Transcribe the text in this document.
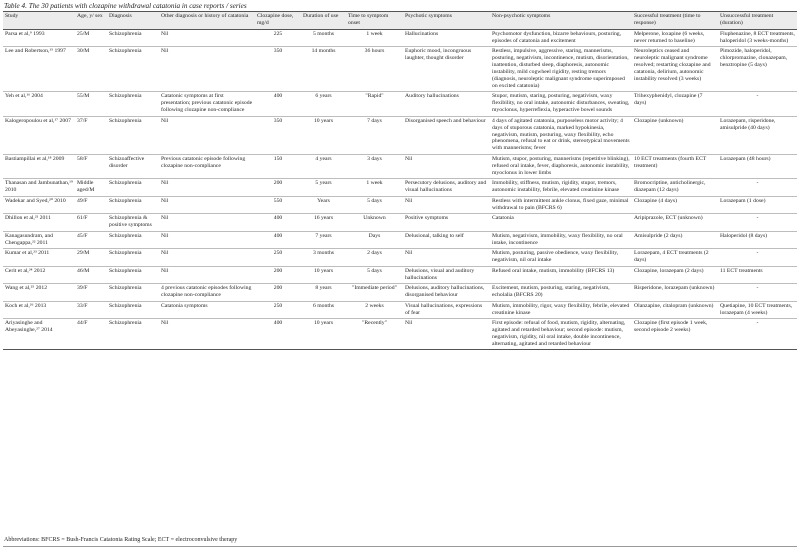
Table 4. The 30 patients with clozapine withdrawal catatonia in case reports / series
Study	Age, y/ sex	Diagnosis	Other diagnosis or history of catatonia	Clozapine dose, mg/d	Duration of use	Time to symptom onset	Psychotic symptoms	Non-psychotic symptoms	Successful treatment (time to response)	Unsuccessful treatment (duration)
Parsa et al,⁹ 1993	25/M	Schizophrenia	Nil	225	5 months	1 week	Hallucinations	Psychomotor dysfunction, bizarre behaviours, posturing, episodes of catatonia and excitement	Melperone, loxapine (6 weeks, never returned to baseline)	Fluphenazine, 8 ECT treatments, haloperidol (3 weeks-months)
Lee and Robertson,¹⁵ 1997	30/M	Schizophrenia	Nil	350	14 months	36 hours	Euphoric mood, incongruous laughter, thought disorder	Restless, impulsive, aggressive, staring, mannerisms, posturing, negativism, incontinence, mutism, disorientation, inattention, disturbed sleep, diaphoresis, autonomic instability, mild cogwheel rigidity, resting tremors (diagnosis, neuroleptic malignant syndrome superimposed on excited catatonia)	Neuroleptics ceased and neuroleptic malignant syndrome resolved; restarting clozapine and catatonia, delirium, autonomic instability resolved (3 weeks)	Pimozide, haloperidol, chlorpromazine, clonazepam, benztropine (5 days)
Yeh et al,¹⁶ 2004	55/M	Schizophrenia	Catatonic symptoms at first presentation; previous catatonic episode following clozapine non-compliance	400	6 years	"Rapid"	Auditory hallucinations	Stupor, mutism, staring, posturing, negativism, waxy flexibility, no oral intake, autonomic disturbances, sweating, myoclonus, hyperreflexia, hyperactive bowel sounds	Trihexyphenidyl, clozapine (7 days)	-
Kalogeropoulou et al,¹⁷ 2007	37/F	Schizophrenia	Nil	350	10 years	7 days	Disorganised speech and behaviour	4 days of agitated catatonia, purposeless motor activity; 4 days of stuporous catatonia, marked hypokinesia, negativism, mutism, posturing, waxy flexibility, echo phenomena, refusal to eat or drink, stereotypical movements with mannerisms; fever	Clozapine (unknown)	Lorazepam, risperidone, amisulpride (40 days)
Bastiampillai et al,¹⁸ 2009	58/F	Schizoaffective disorder	Previous catatonic episode following clozapine non-compliance	150	4 years	3 days	Nil	Mutism, stupor, posturing, mannerisms (repetitive blinking), refused oral intake, fever, diaphoresis, autonomic instability, myoclonus in lower limbs	10 ECT treatments (fourth ECT treatment)	Lorazepam (48 hours)
Thanasan and Jambunathan,¹⁹ 2010	Middle aged/M	Schizophrenia	Nil	200	5 years	1 week	Persecutory delusions, auditory and visual hallucinations	Immobility, stiffness, mutism, rigidity, stupor, tremors, autonomic instability, febrile, elevated creatinine kinase	Bromocriptine, anticholinergic, diazepam (12 days)	-
Wadekar and Syed,²⁰ 2010	49/F	Schizophrenia	Nil	550	Years	5 days	Nil	Restless with intermittent ankle clonus, fixed gaze, minimal withdrawal to pain (BFCRS 6)	Clozapine (4 days)	Lorazepam (1 dose)
Dhillon et al,²¹ 2011	61/F	Schizophrenia & positive symptoms	Nil	400	16 years	Unknown	Positive symptoms	Catatonia	Aripiprazole, ECT (unknown)	-
Kanagasundram, and Chengappa,²² 2011	45/F	Schizophrenia	Nil	400	7 years	Days	Delusional, talking to self	Mutism, negativism, immobility, waxy flexibility, no oral intake, incontinence	Amisulpride (2 days)	Haloperidol (8 days)
Kumar et al,²³ 2011	29/M	Schizophrenia	Nil	250	3 months	2 days	Nil	Mutism, posturing, passive obedience, waxy flexibility, negativism, nil oral intake	Lorazepam, 4 ECT treatments (2 days)	-
Cerit et al,²⁴ 2012	46/M	Schizophrenia	Nil	200	10 years	5 days	Delusions, visual and auditory hallucinations	Refused oral intake, mutism, immobility (BFCRS 13)	Clozapine, lorazepam (2 days)	11 ECT treatments
Wang et al,²⁵ 2012	39/F	Schizophrenia	4 previous catatonic episodes following clozapine non-compliance	200	8 years	"Immediate period"	Delusions, auditory hallucinations, disorganised behaviour	Excitement, mutism, posturing, staring, negativism, echolalia (BFCRS 20)	Risperidone, lorazepam (unknown)	-
Koch et al,²⁶ 2013	33/F	Schizophrenia	Catatonia symptoms	250	6 months	2 weeks	Visual hallucinations, expressions of fear	Mutism, immobility, rigor, waxy flexibility, febrile, elevated creatinine kinase	Olanzapine, citalopram (unknown)	Quetiapine, 10 ECT treatments, lorazepam (4 weeks)
Ariyasinghe and Abeyasinghe,²⁷ 2014	44/F	Schizophrenia	Nil	400	10 years	"Recently"	Nil	First episode: refusal of food, mutism, rigidity, alternating, agitated and retarded behaviour; second episode: mutism, negativism, rigidity, nil oral intake, double incontinence, alternating, agitated and retarded behaviour	Clozapine (first episode 1 week, second episode 2 weeks)	-
Abbreviations: BFCRS = Bush-Francis Catatonia Rating Scale; ECT = electroconvulsive therapy
